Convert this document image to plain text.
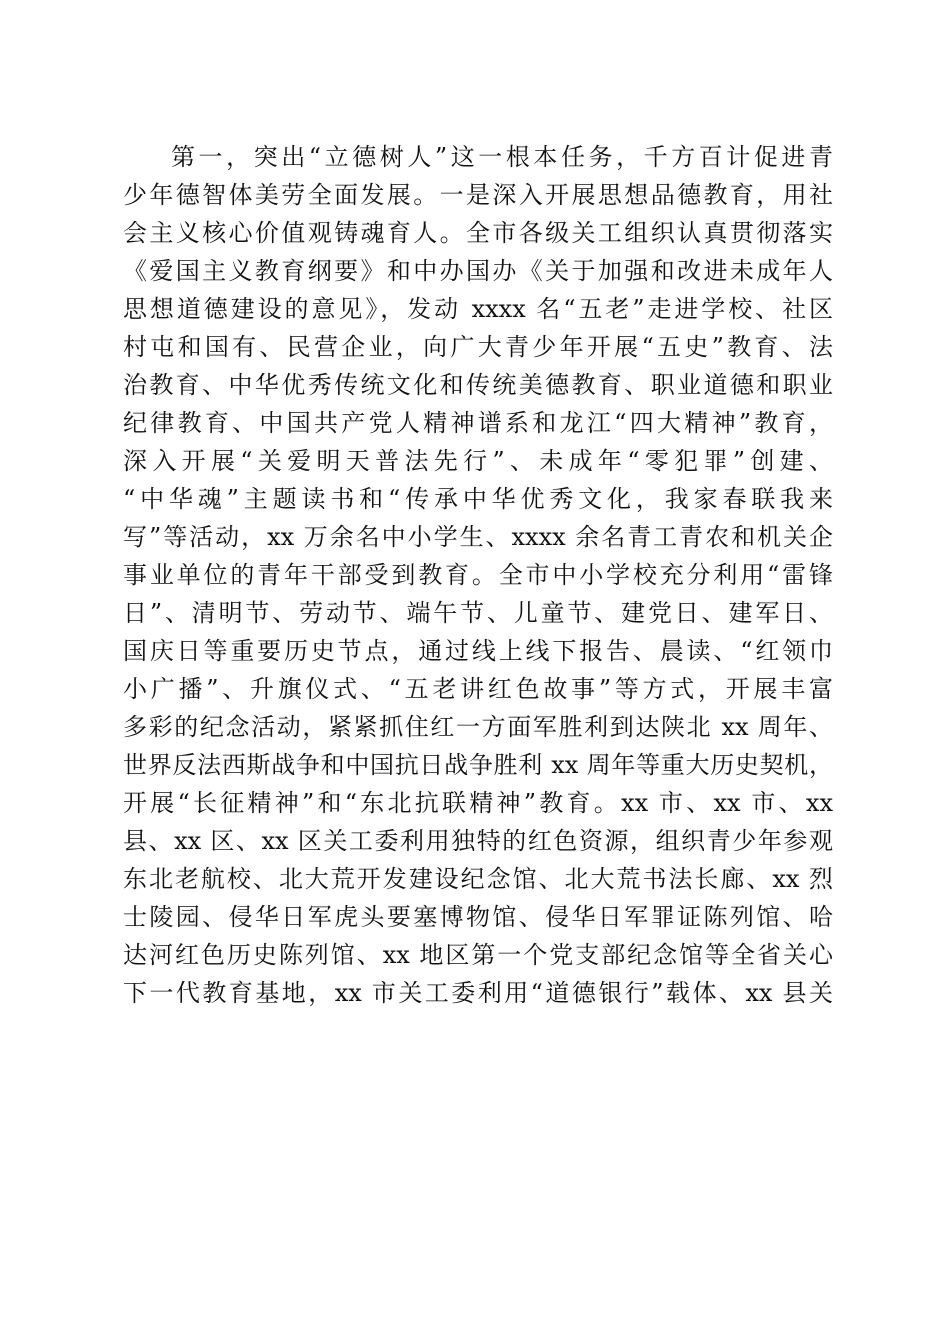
第一，突出“立德树人”这一根本任务，千方百计促进青
少年德智体美劳全面发展。一是深入开展思想品德教育，用社
会主义核心价值观铸魂育人。全市各级关工组织认真贯彻落实
《爱国主义教育纲要》和中办国办《关于加强和改进未成年人
思想道德建设的意见》，发动 xxxx 名“五老”走进学校、社区
村屯和国有、民营企业，向广大青少年开展“五史”教育、法
治教育、中华优秀传统文化和传统美德教育、职业道德和职业
纪律教育、中国共产党人精神谱系和龙江“四大精神”教育，
深入开展“关爱明天普法先行”、未成年“零犯罪”创建、
“中华魂”主题读书和“传承中华优秀文化，我家春联我来
写”等活动，xx 万余名中小学生、xxxx 余名青工青农和机关企
事业单位的青年干部受到教育。全市中小学校充分利用“雷锋
日”、清明节、劳动节、端午节、儿童节、建党日、建军日、
国庆日等重要历史节点，通过线上线下报告、晨读、“红领巾
小广播”、升旗仪式、“五老讲红色故事”等方式，开展丰富
多彩的纪念活动，紧紧抓住红一方面军胜利到达陕北 xx 周年、
世界反法西斯战争和中国抗日战争胜利 xx 周年等重大历史契机，
开展“长征精神”和“东北抗联精神”教育。xx 市、xx 市、xx
县、xx 区、xx 区关工委利用独特的红色资源，组织青少年参观
东北老航校、北大荒开发建设纪念馆、北大荒书法长廊、xx 烈
士陵园、侵华日军虎头要塞博物馆、侵华日军罪证陈列馆、哈
达河红色历史陈列馆、xx 地区第一个党支部纪念馆等全省关心
下一代教育基地，xx 市关工委利用“道德银行”载体、xx 县关
